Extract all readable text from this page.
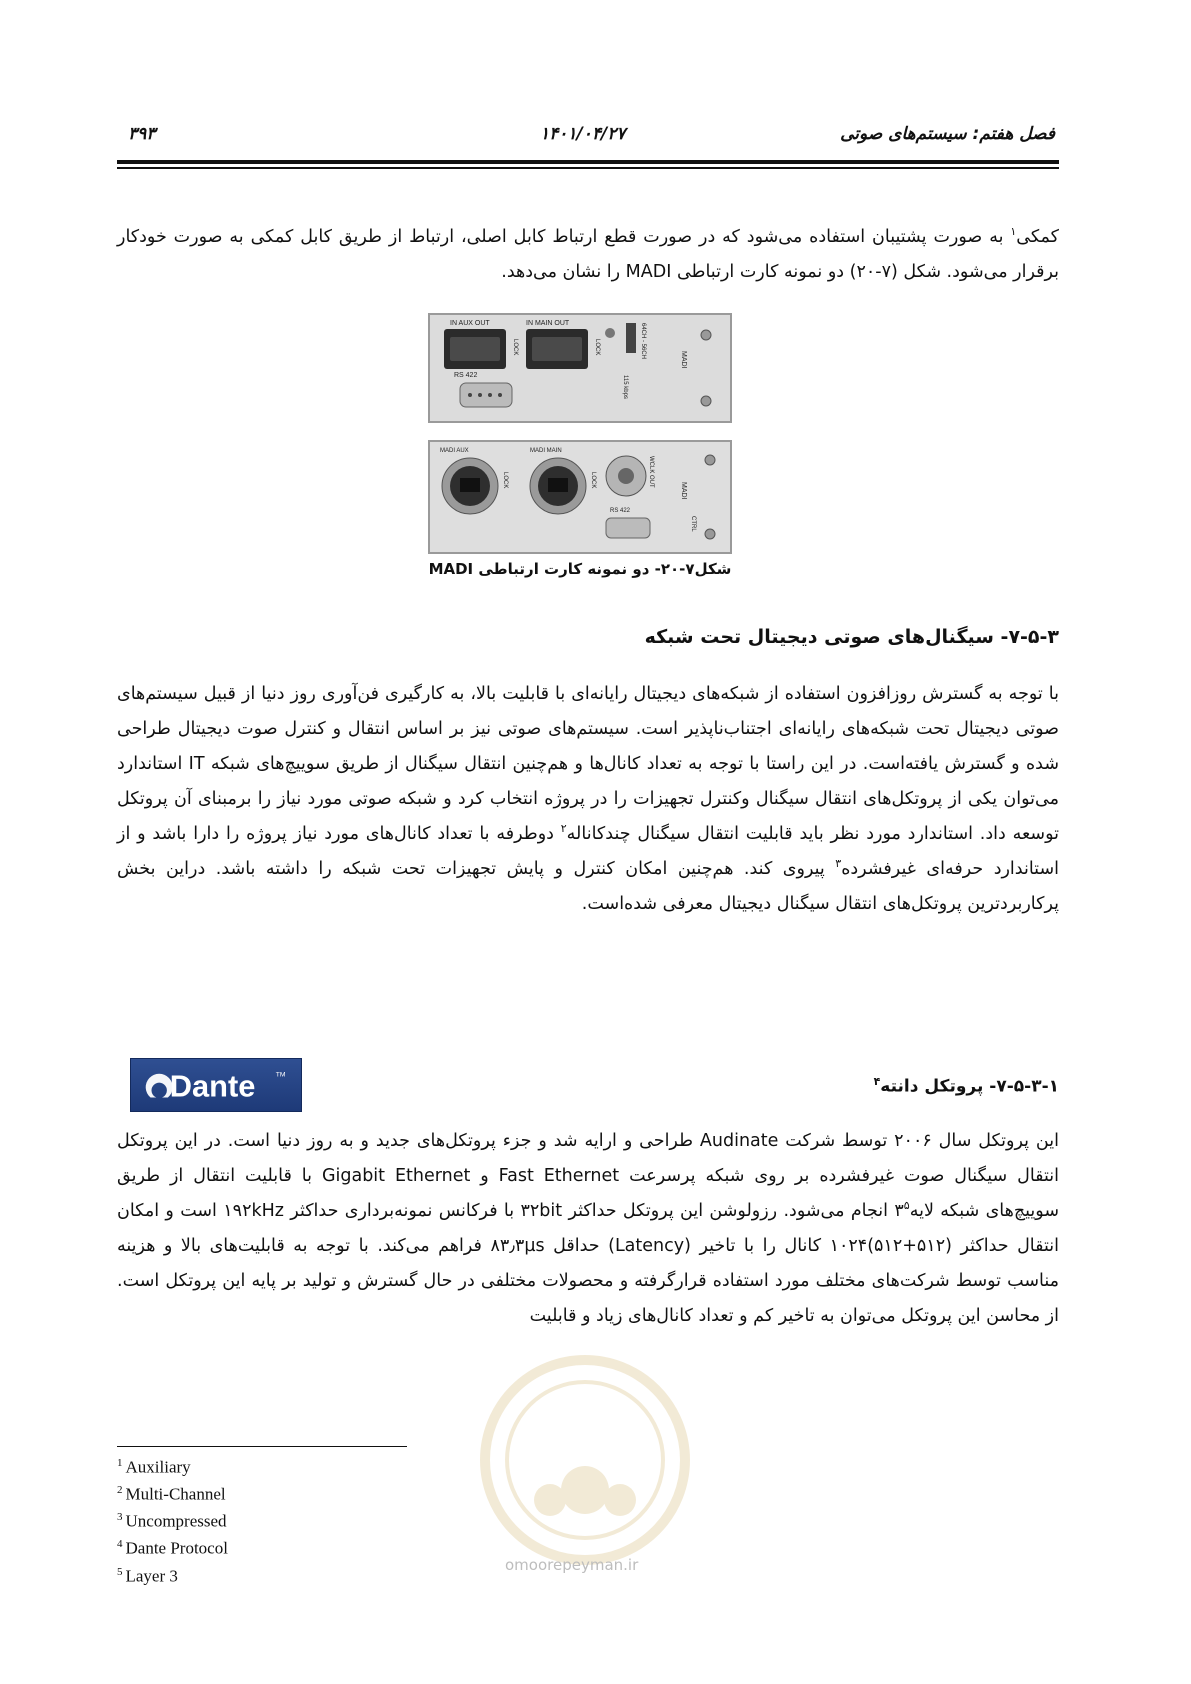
فصل هفتم: سیستم‌های صوتی
۱۴۰۱/۰۴/۲۷
۳۹۳
کمکی$^۱$ به صورت پشتیبان استفاده می‌شود که در صورت قطع ارتباط کابل اصلی، ارتباط از طریق کابل کمکی به صورت خودکار برقرار می‌شود. شکل (۷-۲۰) دو نمونه کارت ارتباطی MADI را نشان می‌دهد.
IN AUX OUT
LOCK
IN MAIN OUT
LOCK	64CH - 56CH
115 kbps
MADI
RS 422
MADI AUX
LOCK
MADI MAIN
LOCK	WCLK OUT
RS 422
MADI
CTRL
شکل۷-۲۰- دو نمونه کارت ارتباطی MADI
۷-۵-۳- سیگنال‌های صوتی دیجیتال تحت شبکه
با توجه به گسترش روزافزون استفاده از شبکه‌های دیجیتال رایانه‌ای با قابلیت بالا، به کارگیری فن‌آوری روز دنیا از قبیل سیستم‌های صوتی دیجیتال تحت شبکه‌های رایانه‌ای اجتناب‌ناپذیر است. سیستم‌های صوتی نیز بر اساس انتقال و کنترل صوت دیجیتال طراحی شده و گسترش یافته‌است. در این راستا با توجه به تعداد کانال‌ها و هم‌چنین انتقال سیگنال از طریق سوییچ‌های شبکه IT استاندارد می‌توان یکی از پروتکل‌های انتقال سیگنال وکنترل تجهیزات را در پروژه انتخاب کرد و شبکه صوتی مورد نیاز را برمبنای آن پروتکل توسعه داد. استاندارد مورد نظر باید قابلیت انتقال سیگنال چندکاناله$^۲$ دوطرفه با تعداد کانال‌های مورد نیاز پروژه را دارا باشد و از استاندارد حرفه‌ای غیرفشرده$^۳$ پیروی کند. هم‌چنین امکان کنترل و پایش تجهیزات تحت شبکه را داشته باشد. دراین بخش پرکاربردترین پروتکل‌های انتقال سیگنال دیجیتال معرفی شده‌است.
Dante	TM
۷-۵-۳-۱- پروتکل دانته$^۴$
این پروتکل سال ۲۰۰۶ توسط شرکت Audinate طراحی و ارایه شد و جزء پروتکل‌های جدید و به روز دنیا است. در این پروتکل انتقال سیگنال صوت غیرفشرده بر روی شبکه پرسرعت Fast Ethernet و Gigabit Ethernet با قابلیت انتقال از طریق سوییچ‌های شبکه $لایه۳^۵$ انجام می‌شود. رزولوشن این پروتکل حداکثر ۳۲bit با فرکانس نمونه‌برداری حداکثر ۱۹۲kHz است و امکان انتقال حداکثر (۵۱۲+۵۱۲)۱۰۲۴ کانال را با تاخیر (Latency) حداقل ۸۳٫۳µs فراهم می‌کند. با توجه به قابلیت‌های بالا و هزینه مناسب توسط شرکت‌های مختلف مورد استفاده قرارگرفته و محصولات مختلفی در حال گسترش و تولید بر پایه این پروتکل است. از محاسن این پروتکل می‌توان به تاخیر کم و تعداد کانال‌های زیاد و قابلیت
omoorepeyman.ir
$^1$ Auxiliary
$^2$ Multi-Channel
$^3$ Uncompressed
$^4$ Dante Protocol
$^5$ Layer 3
